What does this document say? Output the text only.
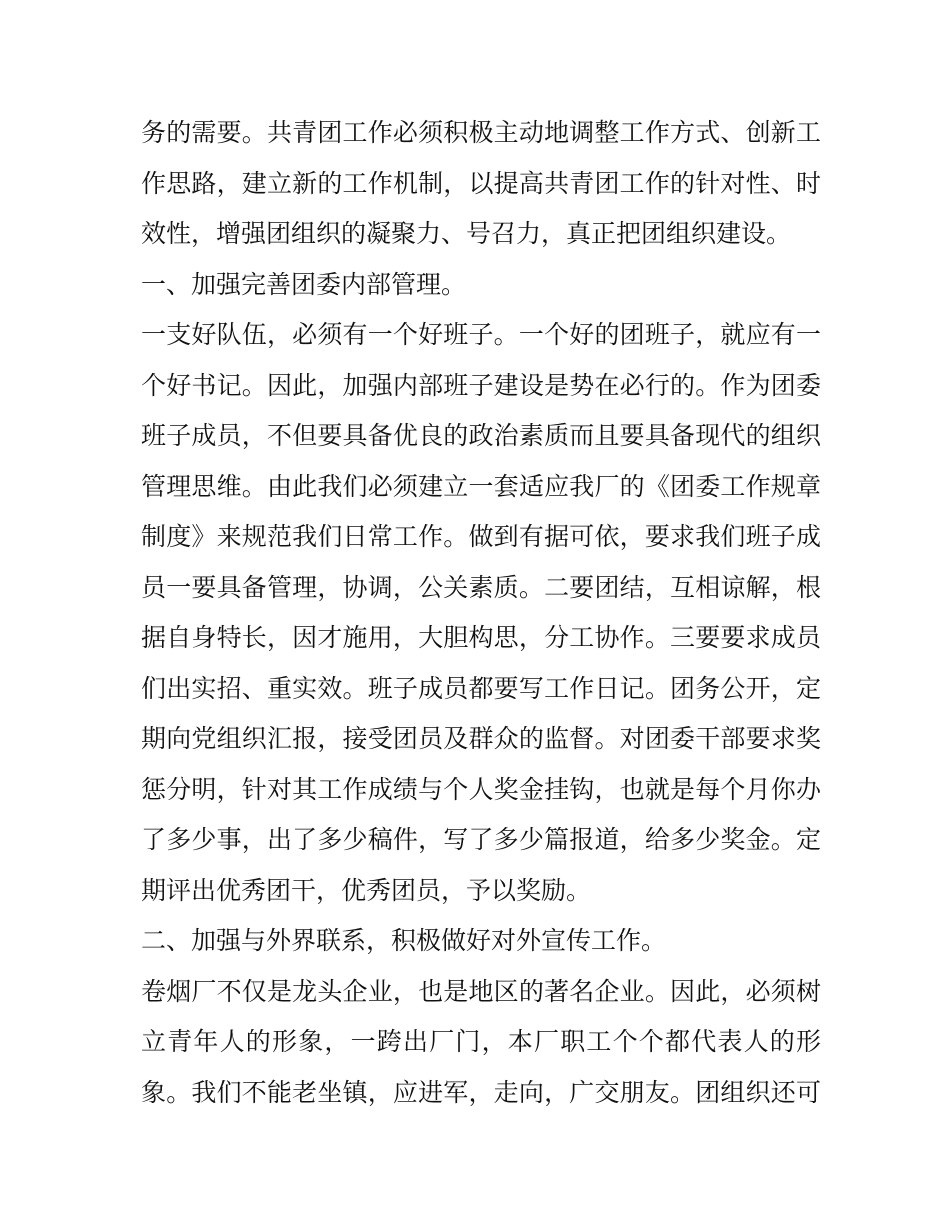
务的需要。共青团工作必须积极主动地调整工作方式、创新工
作思路，建立新的工作机制，以提高共青团工作的针对性、时
效性，增强团组织的凝聚力、号召力，真正把团组织建设。
一、加强完善团委内部管理。
一支好队伍，必须有一个好班子。一个好的团班子，就应有一
个好书记。因此，加强内部班子建设是势在必行的。作为团委
班子成员，不但要具备优良的政治素质而且要具备现代的组织
管理思维。由此我们必须建立一套适应我厂的《团委工作规章
制度》来规范我们日常工作。做到有据可依，要求我们班子成
员一要具备管理，协调，公关素质。二要团结，互相谅解，根
据自身特长，因才施用，大胆构思，分工协作。三要要求成员
们出实招、重实效。班子成员都要写工作日记。团务公开，定
期向党组织汇报，接受团员及群众的监督。对团委干部要求奖
惩分明，针对其工作成绩与个人奖金挂钩，也就是每个月你办
了多少事，出了多少稿件，写了多少篇报道，给多少奖金。定
期评出优秀团干，优秀团员，予以奖励。
二、加强与外界联系，积极做好对外宣传工作。
卷烟厂不仅是龙头企业，也是地区的著名企业。因此，必须树
立青年人的形象，一跨出厂门，本厂职工个个都代表人的形
象。我们不能老坐镇，应进军，走向，广交朋友。团组织还可
